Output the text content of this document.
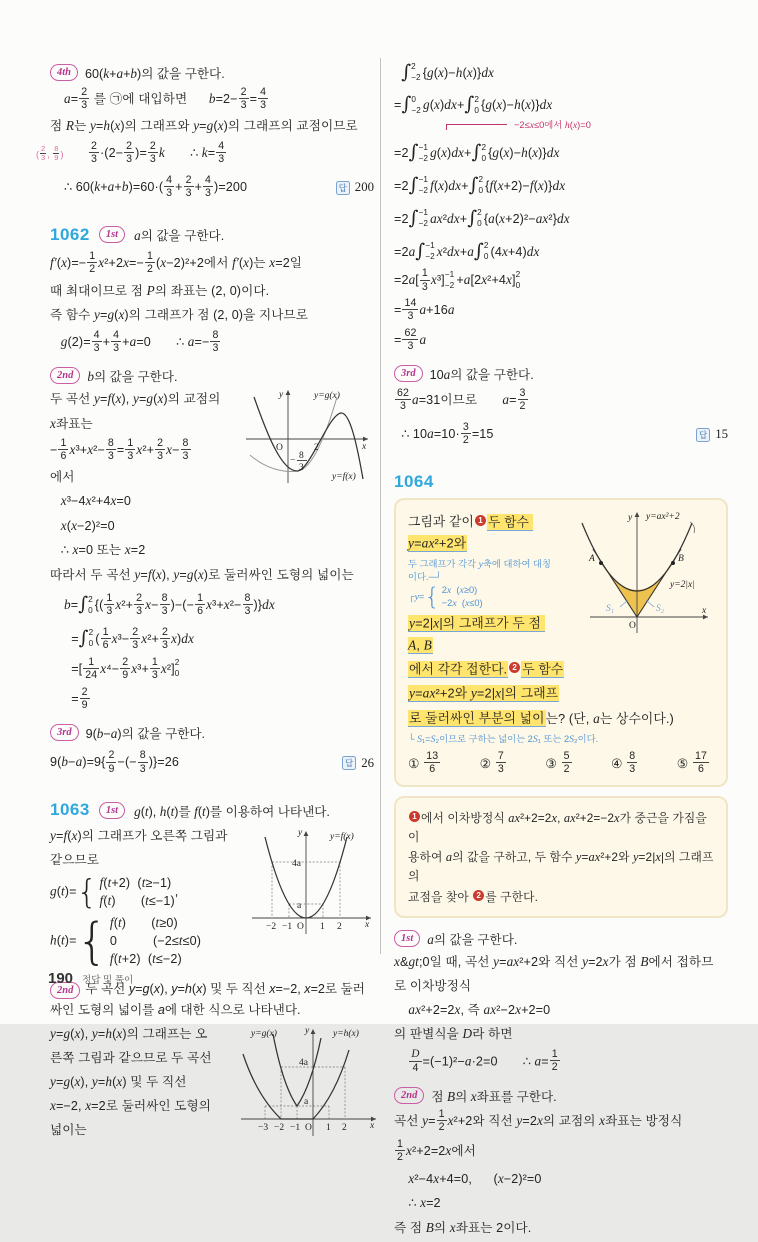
4th	60(k+a+b)의 값을 구한다.
$a= \frac{2}{3}$ 를 ㉠에 대입하면      $b=2- \frac{2}{3} = \frac{4}{3}$
점 R는 y=h(x)의 그래프와 y=g(x)의 그래프의 교점이므로
( $\frac{2}{3}$ , $\frac{8}{9}$ ) $\frac{2}{3} \cdot(2- \frac{2}{3}$ )= $\frac{2}{3}$ k       ∴ $k= \frac{4}{3}$
∴ $60(k+a+b)=60\cdot( \frac{4}{3} + \frac{2}{3} + \frac{4}{3} )=200$	답 200
1062	1st	a의 값을 구한다.
$f'(x)=- \frac{1}{2} x^2+2x=- \frac{1}{2} (x-2)^2+2$에서 f′(x)는 x=2일
때 최대이므로 점 P의 좌표는 (2, 0)이다.
즉 함수 y=g(x)의 그래프가 점 (2, 0)을 지나므로
$g(2)= \frac{4}{3} + \frac{4}{3} +a=0$       ∴ $a=- \frac{8}{3}$
2nd	b의 값을 구한다.
O	2
y	y=g(x)
y=f(x)
x
− 8
3
두 곡선 y=f(x), y=g(x)의 교점의
x좌표는
− $\frac{1}{6} x^3+x^2- \frac{8}{3} = \frac{1}{3} x^2+ \frac{2}{3} x- \frac{8}{3}$
에서
x³−4x²+4x=0
x(x−2)²=0
∴ x=0 또는 x=2
따라서 두 곡선 y=f(x), y=g(x)로 둘러싸인 도형의 넓이는
b=∫ 2
0 {( $\frac{1}{3} x^2+ \frac{2}{3} x- \frac{8}{3}$ )−(− $\frac{1}{6} x^3+x^2- \frac{8}{3} )\}dx$
=∫ 2
0 ( $\frac{1}{6} x^3- \frac{2}{3} x^2+ \frac{2}{3} x)dx$
=[ $\frac{1}{24} x^4- \frac{2}{9} x^3+ \frac{1}{3} x^2$] 2
0
= $\frac{2}{9}$
3rd	9(b−a)의 값을 구한다.
$9(b-a)=9\{ \frac{2}{9}$ −(− $\frac{8}{3} )\}=26$	답 26
1063	1st	g(t), h(t)를 f(t)를 이용하여 나타낸다.
y	y=f(x)
4a
a
−2 −1 O 1 2 x
y=f(x)의 그래프가 오른쪽 그림과
같으므로
g(t)= { f(t+2)  (t≥−1)
f(t)       (t≤−1)
,
h(t)= { f(t)       (t≥0)
0          (−2≤t≤0)
f(t+2)  (t≤−2)
2nd 두 곡선 y=g(x), y=h(x) 및 두 직선 x=−2, x=2로 둘러싸인 도형의 넓이를 a에 대한 식으로 나타낸다.
y=g(x)	y	y=h(x)
4a
a
−3 −2 −1 O 1 2 x
y=g(x), y=h(x)의 그래프는 오
른쪽 그림과 같으므로 두 곡선
y=g(x), y=h(x) 및 두 직선
x=−2, x=2로 둘러싸인 도형의
넓이는
∫ 2
−2 {g(x)−h(x)}dx
=∫ 0
−2 g(x)dx+∫ 2
0 {g(x)−h(x)}dx
−2≤x≤0에서 h(x)=0
=2∫ −1
−2 g(x)dx+∫ 2
0 {g(x)−h(x)}dx
=2∫ −1
−2 f(x)dx+∫ 2
0 {f(x+2)−f(x)}dx
=2∫ −1
−2 ax²dx+∫ 2
0 {a(x+2)²−ax²}dx
=2a∫ −1
−2 x²dx+a∫ 2
0 (4x+4)dx
$=2a[ \frac{1}{3} x^3] -1$
−2 +a[2x²+4x] 2
0
= $\frac{14}{3} a+16a$
= $\frac{62}{3}$ a
3rd	10a의 값을 구한다.
$\frac{62}{3} a=31$이므로       $a= \frac{3}{2}$
∴ $10a=10\cdot \frac{3}{2} =15$	답 15
1064
A	B
y y=ax²+2
y=2|x|
S₁	S₂
O
x
그림과 같이 1 두 함수 y=ax²+2와
두 그래프가 각각 y축에 대하여 대칭이다.─┘
┌y= { 2x  (x≥0)
−2x  (x≤0)
y=2|x|의 그래프가 두 점 A, B
에서 각각 접한다. 2 두 함수
y=ax²+2와 y=2|x|의 그래프
로 둘러싸인 부분의 넓이는? (단, a는 상수이다.)
└ S₁=S₂이므로 구하는 넓이는 2S₁ 또는 2S₂이다.
① $\frac{13}{6}$	② $\frac{7}{3}$	③ $\frac{5}{2}$	④ $\frac{8}{3}$	⑤ $\frac{17}{6}$
1 에서 이차방정식 ax²+2=2x, ax²+2=−2x가 중근을 가짐을 이
용하여 a의 값을 구하고, 두 함수 y=ax²+2와 y=2|x|의 그래프의
교점을 찾아 2 를 구한다.
1st	a의 값을 구한다.
x&gt;0일 때, 곡선 y=ax²+2와 직선 y=2x가 점 B에서 접하므
로 이차방정식
ax²+2=2x, 즉 ax²−2x+2=0
의 판별식을 D라 하면

$\frac{D}{4} =(-1)^2-a\cdot 2=0$       ∴ $a= \frac{1}{2}$
2nd	점 B의 x좌표를 구한다.
곡선 $y= \frac{1}{2} x^2+2$와 직선 y=2x의 교점의 x좌표는 방정식
$\frac{1}{2} x^2+2=2x$에서
x²−4x+4=0,      (x−2)²=0
∴ x=2
즉 점 B의 x좌표는 2이다.
190 정답 및 풀이
